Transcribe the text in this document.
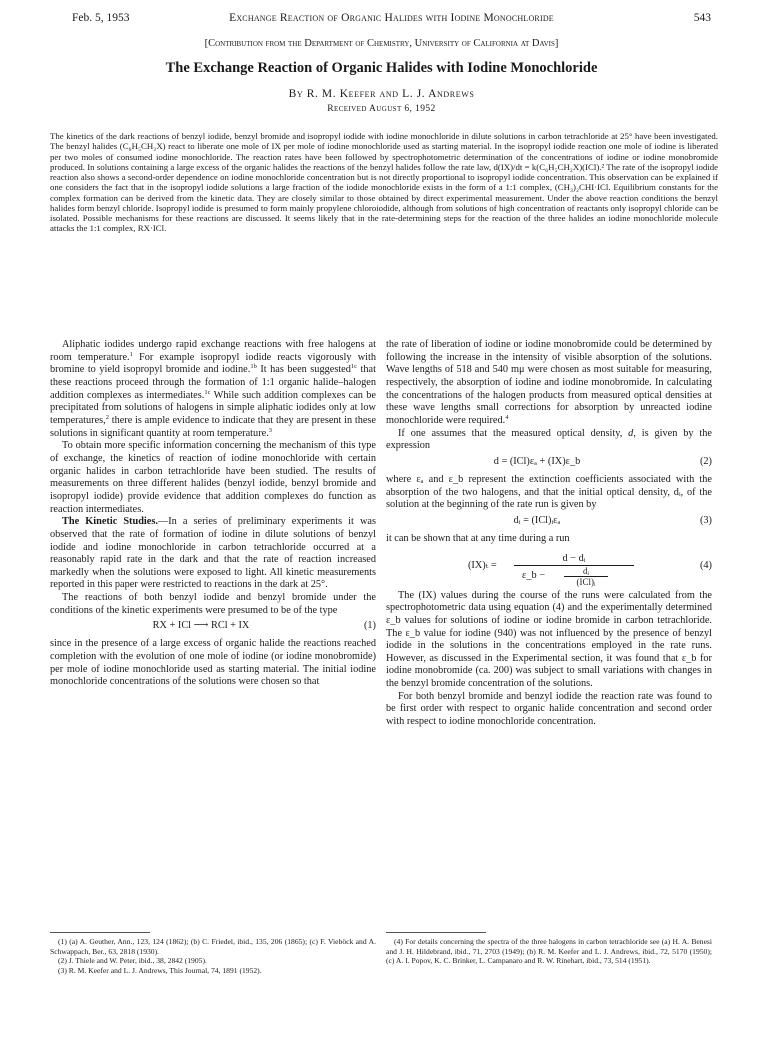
Feb. 5, 1953	Exchange Reaction of Organic Halides with Iodine Monochloride	543
[Contribution from the Department of Chemistry, University of California at Davis]
The Exchange Reaction of Organic Halides with Iodine Monochloride
By R. M. Keefer and L. J. Andrews
Received August 6, 1952
The kinetics of the dark reactions of benzyl iodide, benzyl bromide and isopropyl iodide with iodine monochloride in dilute solutions in carbon tetrachloride at 25° have been investigated. The benzyl halides (C₆H₅CH₂X) react to liberate one mole of IX per mole of iodine monochloride used as starting material. In the isopropyl iodide reaction one mole of iodine is liberated per two moles of consumed iodine monochloride. The reaction rates have been followed by spectrophotometric determination of the concentrations of iodine or iodine monobromide produced. In solutions containing a large excess of the organic halides the reactions of the benzyl halides follow the rate law, d(IX)/dt = k(C₆H₅CH₂X)(ICl).² The rate of the isopropyl iodide reaction also shows a second-order dependence on iodine monochloride concentration but is not directly proportional to isopropyl iodide concentration. This observation can be explained if one considers the fact that in the isopropyl iodide solutions a large fraction of the iodide monochloride exists in the form of a 1:1 complex, (CH₃)₂CHI·ICl. Equilibrium constants for the complex formation can be derived from the kinetic data. They are closely similar to those obtained by direct experimental measurement. Under the above reaction conditions the benzyl halides form benzyl chloride. Isopropyl iodide is presumed to form mainly propylene chloroiodide, although from solutions of high concentration of reactants only isopropyl chloride can be isolated. Possible mechanisms for these reactions are discussed. It seems likely that in the rate-determining steps for the reaction of the three halides an iodine monochloride molecule attacks the 1:1 complex, RX·ICl.

Aliphatic iodides undergo rapid exchange reactions with free halogens at room temperature.$^1$ For example isopropyl iodide reacts vigorously with bromine to yield isopropyl bromide and iodine.$^{1b}$ It has been suggested$^{1c}$ that these reactions proceed through the formation of 1:1 organic halide–halogen addition complexes as intermediates.$^{1c}$ While such addition complexes can be precipitated from solutions of halogens in simple aliphatic iodides only at low temperatures,$^2$ there is ample evidence to indicate that they are present in these solutions in significant quantity at room temperature.$^3$

To obtain more specific information concerning the mechanism of this type of exchange, the kinetics of reaction of iodine monochloride with certain organic halides in carbon tetrachloride have been studied. The results of measurements on three different halides (benzyl iodide, benzyl bromide and isopropyl iodide) provide evidence that addition complexes do function as reaction intermediates.

The Kinetic Studies.—In a series of preliminary experiments it was observed that the rate of formation of iodine in dilute solutions of benzyl iodide and iodine monochloride in carbon tetrachloride occurred at a reasonably rapid rate in the dark and that the rate of reaction increased markedly when the solutions were exposed to light. All kinetic measurements reported in this paper were restricted to reactions in the dark at 25°.

The reactions of both benzyl iodide and benzyl bromide under the conditions of the kinetic experiments were presumed to be of the type

RX + ICl ⟶ RCl + IX	(1)

since in the presence of a large excess of organic halide the reactions reached completion with the evolution of one mole of iodine (or iodine monobromide) per mole of iodine monochloride used as starting material. The initial iodine monochloride concentrations of the solutions were chosen so that

the rate of liberation of iodine or iodine monobromide could be determined by following the increase in the intensity of visible absorption of the solutions. Wave lengths of 518 and 540 mμ were chosen as most suitable for measuring, respectively, the absorption of iodine and iodine monobromide. In calculating the concentrations of the halogen products from measured optical densities at these wave lengths small corrections for absorption by unreacted iodine monochloride were required.$^4$

If one assumes that the measured optical density, d, is given by the expression

d = (ICl)εₐ + (IX)ε_b	(2)

where εₐ and ε_b represent the extinction coefficients associated with the absorption of the two halogens, and that the initial optical density, dᵢ, of the solution at the beginning of the rate run is given by

dᵢ = (ICl)ᵢεₐ	(3)

it can be shown that at any time during a run

(IX)ₜ =
d − dᵢ
ε_b −	dᵢ
(ICl)ᵢ
(4)

The (IX) values during the course of the runs were calculated from the spectrophotometric data using equation (4) and the experimentally determined ε_b values for solutions of iodine or iodine bromide in carbon tetrachloride. The ε_b value for iodine (940) was not influenced by the presence of benzyl iodide in the solutions in the concentrations employed in the rate runs. However, as discussed in the Experimental section, it was found that ε_b for iodine monobromide (ca. 200) was subject to small variations with changes in the benzyl bromide concentration of the solutions.

For both benzyl bromide and benzyl iodide the reaction rate was found to be first order with respect to organic halide concentration and second order with respect to iodine monochloride concentration.

(1) (a) A. Geuther, Ann., 123, 124 (1862); (b) C. Friedel, ibid., 135, 206 (1865); (c) F. Vieböck and A. Schwappach, Ber., 63, 2818 (1930).

(2) J. Thiele and W. Peter, ibid., 38, 2842 (1905).

(3) R. M. Keefer and L. J. Andrews, This Journal, 74, 1891 (1952).

(4) For details concerning the spectra of the three halogens in carbon tetrachloride see (a) H. A. Benesi and J. H. Hildebrand, ibid., 71, 2703 (1949); (b) R. M. Keefer and L. J. Andrews, ibid., 72, 5170 (1950); (c) A. I. Popov, K. C. Brinker, L. Campanaro and R. W. Rinehart, ibid., 73, 514 (1951).
